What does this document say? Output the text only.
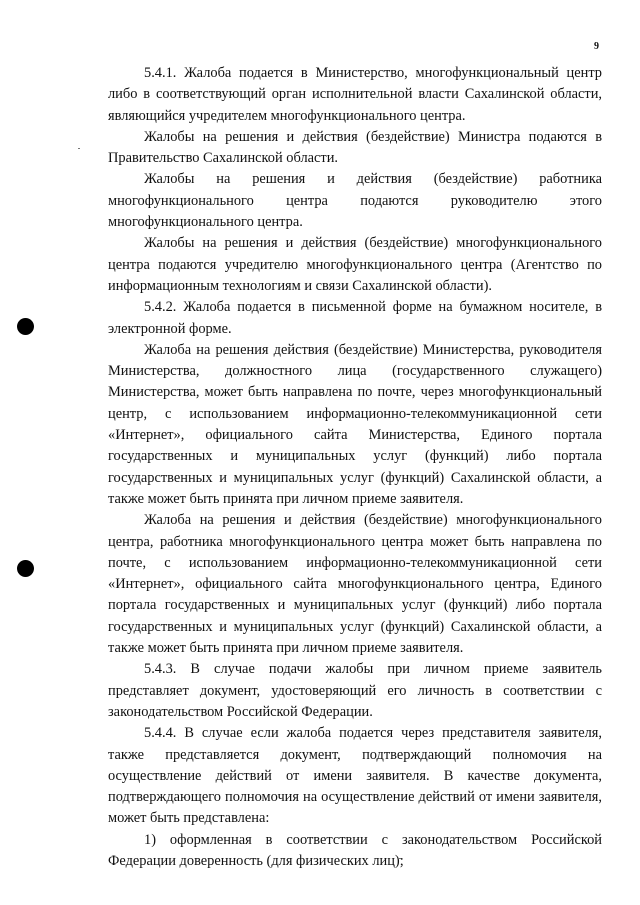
9

5.4.1. Жалоба подается в Министерство, многофункциональный центр либо в соответствующий орган исполнительной власти Сахалинской области, являющийся учредителем многофункционального центра.

Жалобы на решения и действия (бездействие) Министра подаются в Правительство Сахалинской области.

Жалобы на решения и действия (бездействие) работника многофункционального центра подаются руководителю этого многофункционального центра.

Жалобы на решения и действия (бездействие) многофункционального центра подаются учредителю многофункционального центра (Агентство по информационным технологиям и связи Сахалинской области).

5.4.2. Жалоба подается в письменной форме на бумажном носителе, в электронной форме.

Жалоба на решения действия (бездействие) Министерства, руководителя Министерства, должностного лица (государственного служащего) Министерства, может быть направлена по почте, через многофункциональный центр, с использованием информационно-телекоммуникационной сети «Интернет», официального сайта Министерства, Единого портала государственных и муниципальных услуг (функций) либо портала государственных и муниципальных услуг (функций) Сахалинской области, а также может быть принята при личном приеме заявителя.

Жалоба на решения и действия (бездействие) многофункционального центра, работника многофункционального центра может быть направлена по почте, с использованием информационно-телекоммуникационной сети «Интернет», официального сайта многофункционального центра, Единого портала государственных и муниципальных услуг (функций) либо портала государственных и муниципальных услуг (функций) Сахалинской области, а также может быть принята при личном приеме заявителя.

5.4.3. В случае подачи жалобы при личном приеме заявитель представляет документ, удостоверяющий его личность в соответствии с законодательством Российской Федерации.

5.4.4. В случае если жалоба подается через представителя заявителя, также представляется документ, подтверждающий полномочия на осуществление действий от имени заявителя. В качестве документа, подтверждающего полномочия на осуществление действий от имени заявителя, может быть представлена:

1) оформленная в соответствии с законодательством Российской Федерации доверенность (для физических лиц);
